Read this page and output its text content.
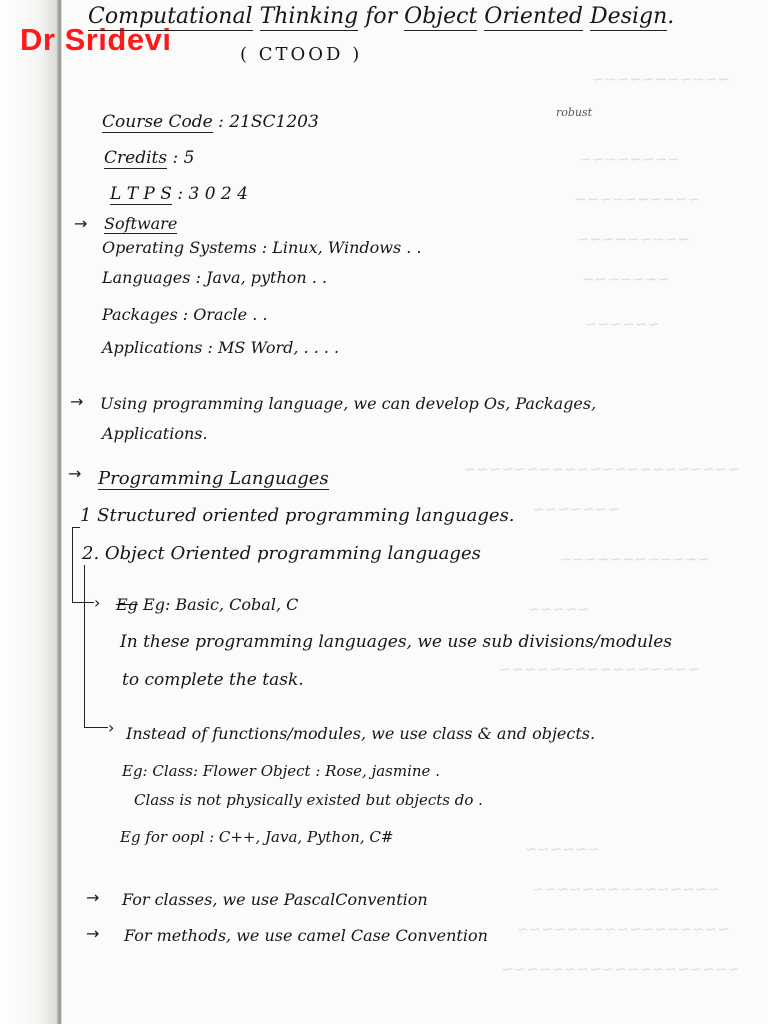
~~~~~~~~~~~
~~~~~~~~
~~~~~~~~~~
~~~~~~~~~
~~~~~~~
~~~~~~
~~~~~~~~~~~~~~~~~~~~~~
~~~~~~~
~~~~~~~~~~~~
~~~~~
~~~~~~~~~~~~~~~~
~~~~~~
~~~~~~~~~~~~~~~
~~~~~~~~~~~~~~~~~
~~~~~~~~~~~~~~~~~~~
Dr Sridevi
Computational Thinking for Object Oriented Design.
( CTOOD )
robust
Course Code : 21SC1203
Credits : 5
L T P S : 3 0 2 4
→ Software
Operating Systems : Linux, Windows . .
Languages : Java, python . .
Packages : Oracle . .
Applications : MS Word, . . . .
→ Using programming language, we can develop Os, Packages,
Applications.
→ Programming Languages
1 Structured oriented programming languages.
2. Object Oriented programming languages
› Eg Eg: Basic, Cobal, C
In these programming languages, we use sub divisions/modules
to complete the task.
› Instead of functions/modules, we use class & and objects.
Eg: Class: Flower Object : Rose, jasmine .
Class is not physically existed but objects do .
Eg for oopl : C++, Java, Python, C#
→ For classes, we use PascalConvention
→ For methods, we use camel Case Convention
